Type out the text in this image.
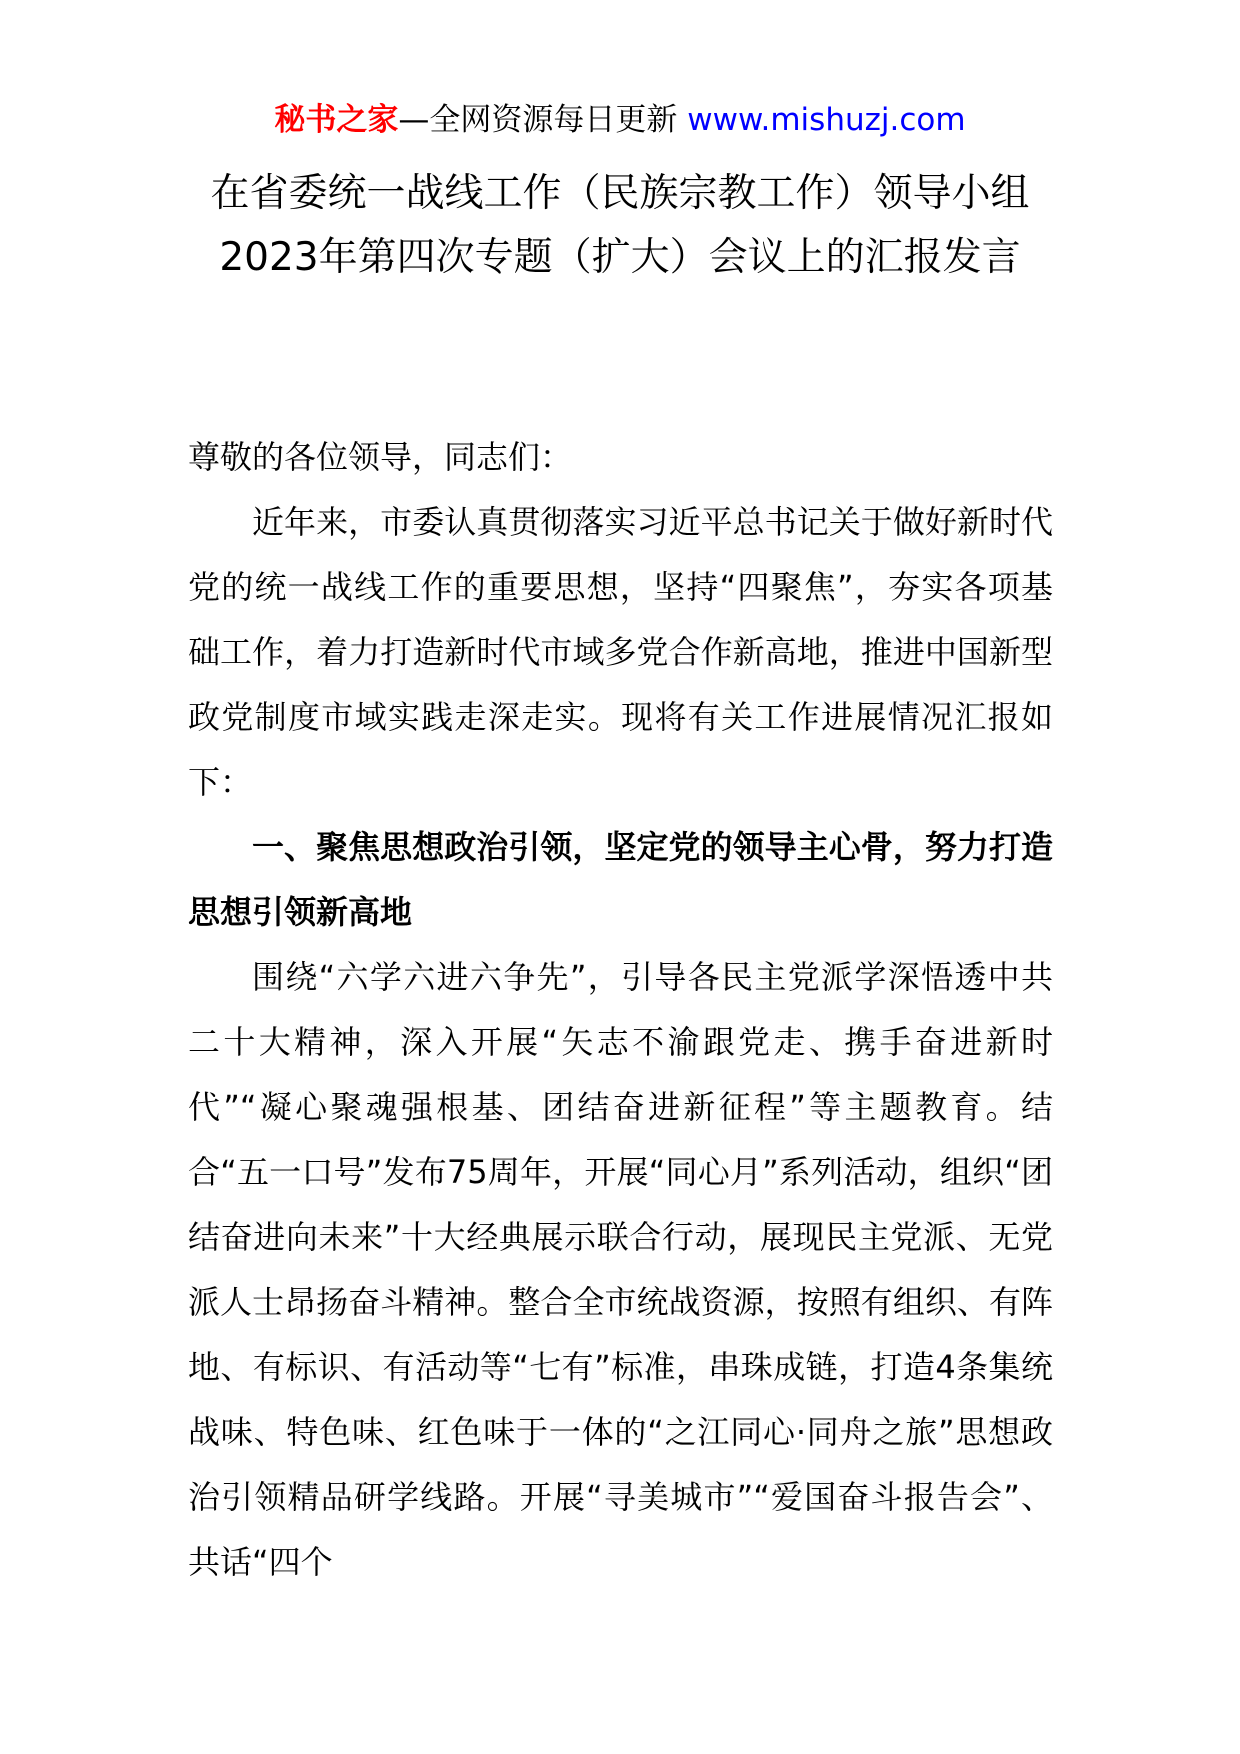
秘书之家—全网资源每日更新 www.mishuzj.com
在省委统一战线工作（民族宗教工作）领导小组2023年第四次专题（扩大）会议上的汇报发言

尊敬的各位领导，同志们：

近年来，市委认真贯彻落实习近平总书记关于做好新时代党的统一战线工作的重要思想，坚持“四聚焦”，夯实各项基础工作，着力打造新时代市域多党合作新高地，推进中国新型政党制度市域实践走深走实。现将有关工作进展情况汇报如下：

一、聚焦思想政治引领，坚定党的领导主心骨，努力打造思想引领新高地

围绕“六学六进六争先”，引导各民主党派学深悟透中共二十大精神，深入开展“矢志不渝跟党走、携手奋进新时代”“凝心聚魂强根基、团结奋进新征程”等主题教育。结合“五一口号”发布75周年，开展“同心月”系列活动，组织“团结奋进向未来”十大经典展示联合行动，展现民主党派、无党派人士昂扬奋斗精神。整合全市统战资源，按照有组织、有阵地、有标识、有活动等“七有”标准，串珠成链，打造4条集统战味、特色味、红色味于一体的“之江同心·同舟之旅”思想政治引领精品研学线路。开展“寻美城市”“爱国奋斗报告会”、共话“四个
